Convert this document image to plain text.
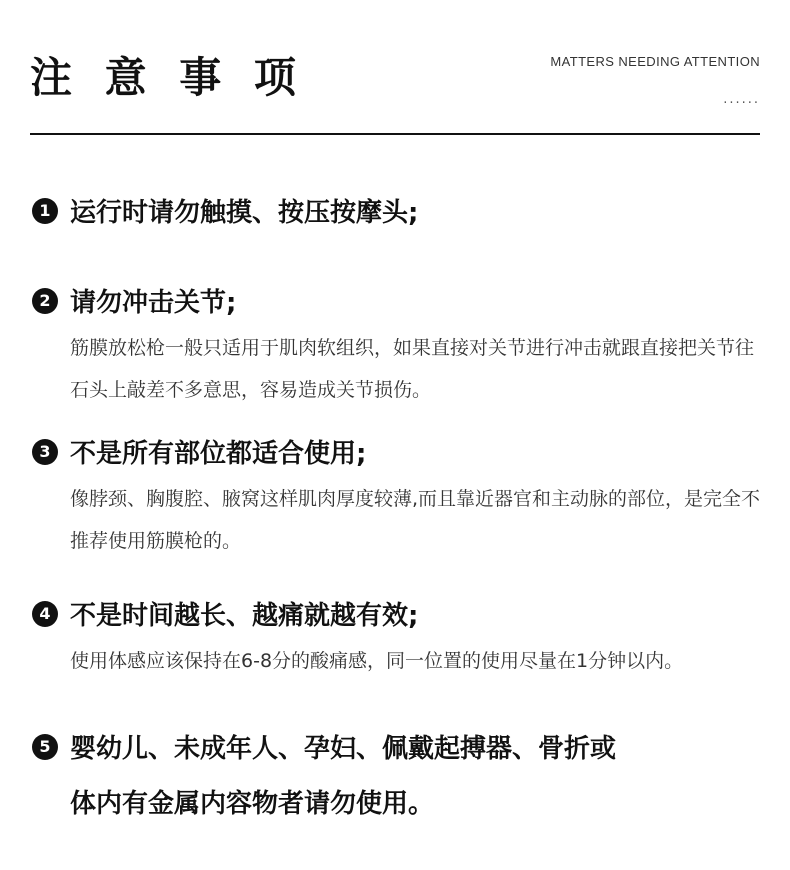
注 意 事 项	MATTERS NEEDING ATTENTION
......
1 运行时请勿触摸、按压按摩头;
2 请勿冲击关节;
筋膜放松枪一般只适用于肌肉软组织，如果直接对关节进行冲击就跟直接把关节往石头上敲差不多意思，容易造成关节损伤。
3 不是所有部位都适合使用;
像脖颈、胸腹腔、腋窝这样肌肉厚度较薄,而且靠近器官和主动脉的部位，是完全不推荐使用筋膜枪的。
4 不是时间越长、越痛就越有效;
使用体感应该保持在6-8分的酸痛感，同一位置的使用尽量在1分钟以内。
5 婴幼儿、未成年人、孕妇、佩戴起搏器、骨折或
体内有金属内容物者请勿使用。
